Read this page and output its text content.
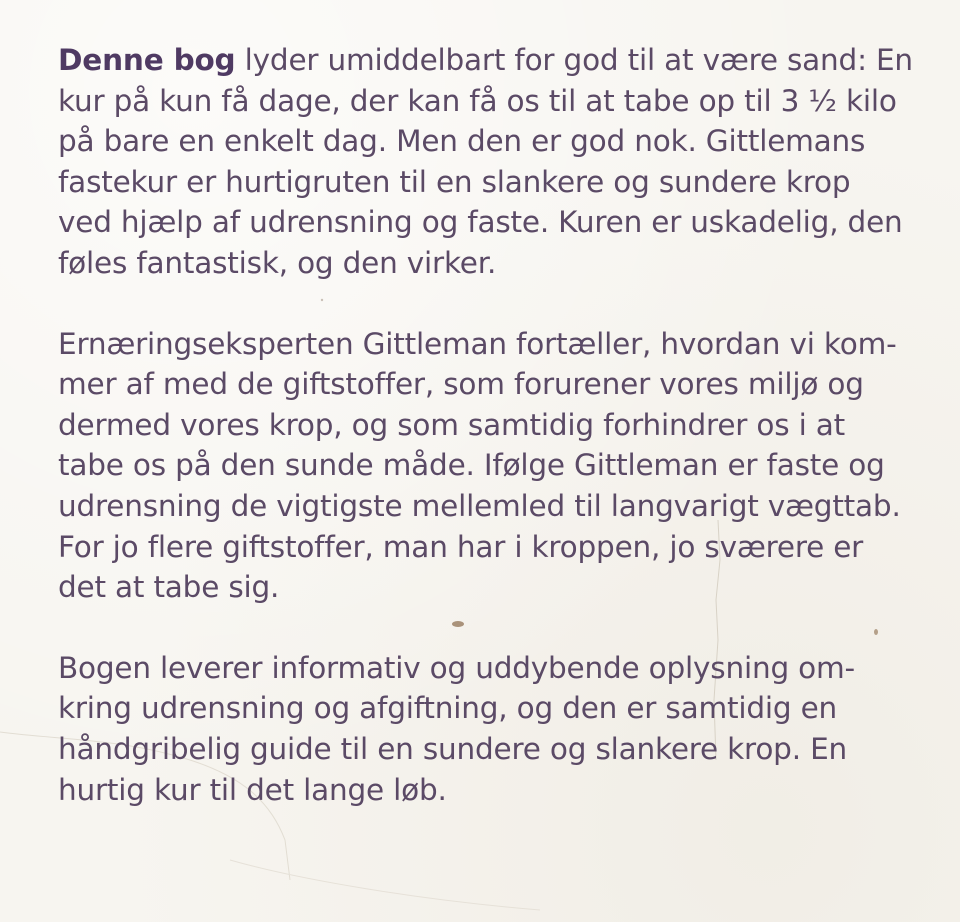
Denne bog lyder umiddelbart for god til at være sand: En
kur på kun få dage, der kan få os til at tabe op til 3 ½ kilo
på bare en enkelt dag. Men den er god nok. Gittlemans
fastekur er hurtigruten til en slankere og sundere krop
ved hjælp af udrensning og faste. Kuren er uskadelig, den
føles fantastisk, og den virker.

Ernæringseksperten Gittleman fortæller, hvordan vi kom-
mer af med de giftstoffer, som forurener vores miljø og
dermed vores krop, og som samtidig forhindrer os i at
tabe os på den sunde måde. Ifølge Gittleman er faste og
udrensning de vigtigste mellemled til langvarigt vægttab.
For jo flere giftstoffer, man har i kroppen, jo sværere er
det at tabe sig.

Bogen leverer informativ og uddybende oplysning om-
kring udrensning og afgiftning, og den er samtidig en
håndgribelig guide til en sundere og slankere krop. En
hurtig kur til det lange løb.
